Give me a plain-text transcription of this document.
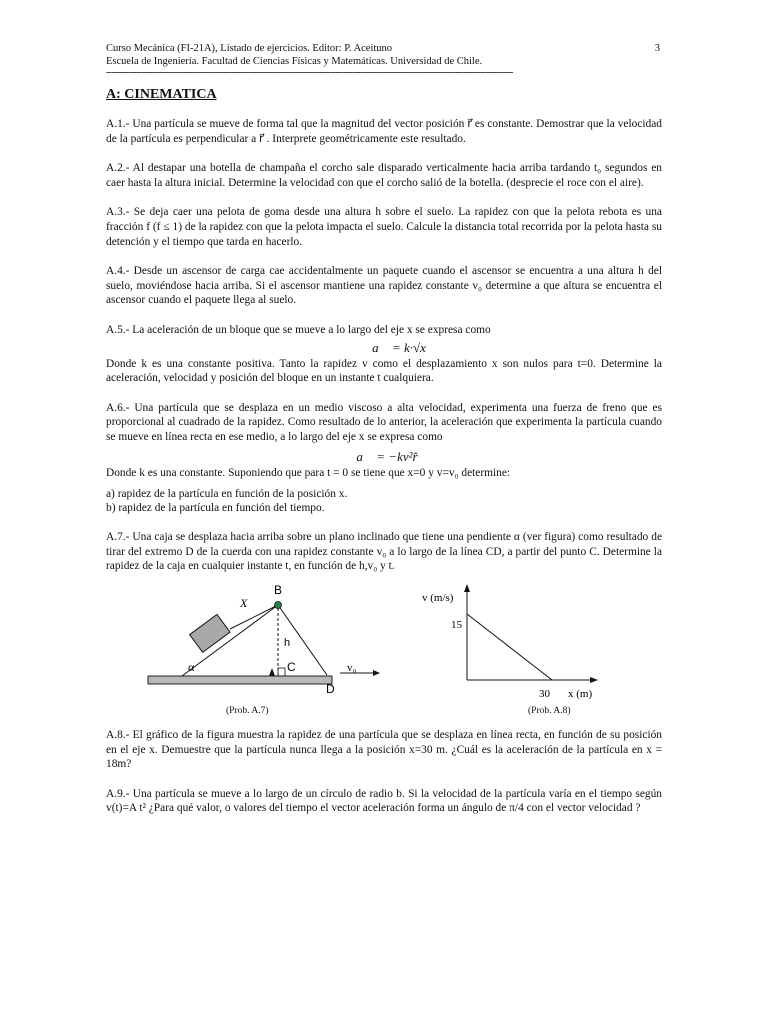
Curso Mecánica (FI-21A), Listado de ejercicios. Editor: P. Aceituno
Escuela de Ingeniería. Facultad de Ciencias Físicas y Matemáticas. Universidad de Chile.
3
-----------------------------------------------------------------------------------------------------------------------------------------------------
A: CINEMATICA

A.1.- Una partícula se mueve de forma tal que la magnitud del vector posición r⃗ es constante. Demostrar que la velocidad de la partícula es perpendicular a r⃗ . Interprete geométricamente este resultado.

A.2.- Al destapar una botella de champaña el corcho sale disparado verticalmente hacia arriba tardando t₀ segundos en caer hasta la altura inicial. Determine la velocidad con que el corcho salió de la botella. (desprecie el roce con el aire).

A.3.- Se deja caer una pelota de goma desde una altura h sobre el suelo. La rapidez con que la pelota rebota es una fracción f (f ≤ 1) de la rapidez con que la pelota impacta el suelo. Calcule la distancia total recorrida por la pelota hasta su detención y el tiempo que tarda en hacerlo.

A.4.- Desde un ascensor de carga cae accidentalmente un paquete cuando el ascensor se encuentra a una altura h del suelo, moviéndose hacia arriba. Si el ascensor mantiene una rapidez constante v₀ determine a que altura se encuentra el ascensor cuando el paquete llega al suelo.

A.5.- La aceleración de un bloque que se mueve a lo largo del eje x se expresa como

a⃗ = k·√x

Donde k es una constante positiva. Tanto la rapidez v como el desplazamiento x son nulos para t=0. Determine la aceleración, velocidad y posición del bloque en un instante t cualquiera.

A.6.- Una partícula que se desplaza en un medio viscoso a alta velocidad, experimenta una fuerza de freno que es proporcional al cuadrado de la rapidez. Como resultado de lo anterior, la aceleración que experimenta la partícula cuando se mueve en línea recta en ese medio, a lo largo del eje x se expresa como

a⃗ = −kv²r̂

Donde k es una constante. Suponiendo que para t = 0 se tiene que x=0 y v=v₀ determine:

a) rapidez de la partícula en función de la posición x.
b) rapidez de la partícula en función del tiempo.

A.7.- Una caja se desplaza hacia arriba sobre un plano inclinado que tiene una pendiente α (ver figura) como resultado de tirar del extremo D de la cuerda con una rapidez constante v₀ a lo largo de la línea CD, a partir del punto C. Determine la rapidez de la caja en cualquier instante t, en función de h,v₀ y t.

B
X
h
α	C
D
v₀
(Prob. A.7)
v (m/s)
x (m)
15
30
(Prob. A.8)

A.8.- El gráfico de la figura muestra la rapidez de una partícula que se desplaza en línea recta, en función de su posición en el eje x. Demuestre que la partícula nunca llega a la posición x=30 m. ¿Cuál es la aceleración de la partícula en x = 18m?

A.9.- Una partícula se mueve a lo largo de un círculo de radio b. Si la velocidad de la partícula varía en el tiempo según v(t)=A t² ¿Para qué valor, o valores del tiempo el vector aceleración forma un ángulo de π/4 con el vector velocidad ?
